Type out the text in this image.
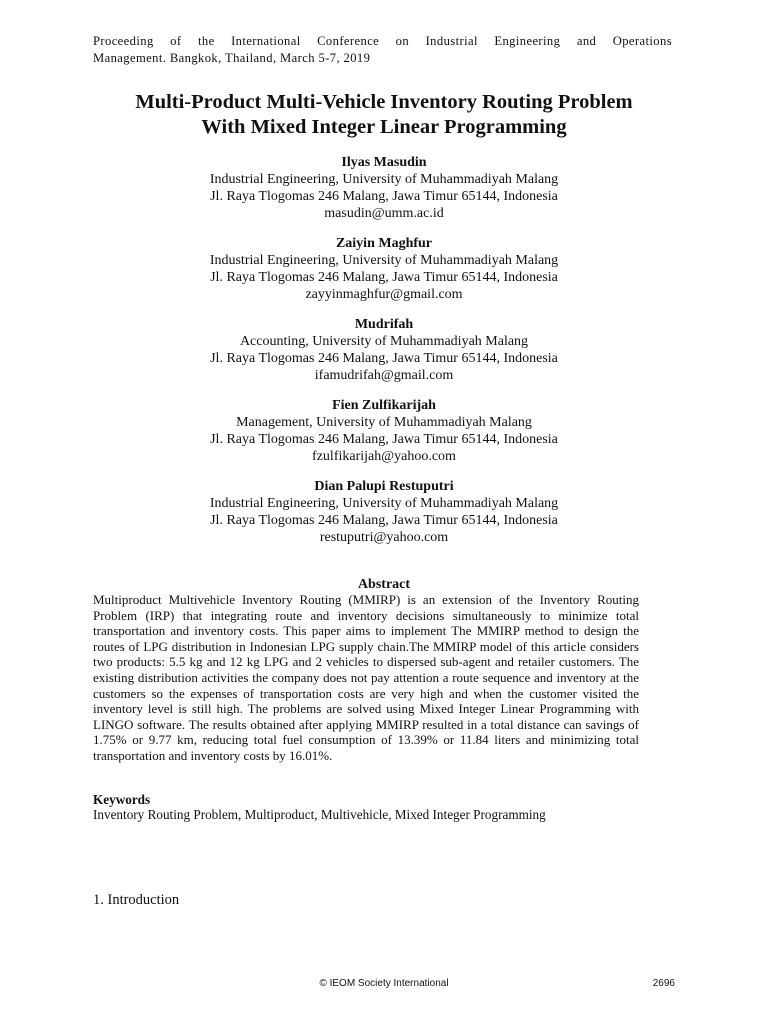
Proceeding of the International Conference on Industrial Engineering and Operations
Management. Bangkok, Thailand, March 5-7, 2019
Multi-Product Multi-Vehicle Inventory Routing Problem
With Mixed Integer Linear Programming
Ilyas Masudin
Industrial Engineering, University of Muhammadiyah Malang
Jl. Raya Tlogomas 246 Malang, Jawa Timur 65144, Indonesia
masudin@umm.ac.id
Zaiyin Maghfur
Industrial Engineering, University of Muhammadiyah Malang
Jl. Raya Tlogomas 246 Malang, Jawa Timur 65144, Indonesia
zayyinmaghfur@gmail.com
Mudrifah
Accounting, University of Muhammadiyah Malang
Jl. Raya Tlogomas 246 Malang, Jawa Timur 65144, Indonesia
ifamudrifah@gmail.com
Fien Zulfikarijah
Management, University of Muhammadiyah Malang
Jl. Raya Tlogomas 246 Malang, Jawa Timur 65144, Indonesia
fzulfikarijah@yahoo.com
Dian Palupi Restuputri
Industrial Engineering, University of Muhammadiyah Malang
Jl. Raya Tlogomas 246 Malang, Jawa Timur 65144, Indonesia
restuputri@yahoo.com
Abstract
Multiproduct Multivehicle Inventory Routing (MMIRP) is an extension of the Inventory Routing Problem (IRP) that integrating route and inventory decisions simultaneously to minimize total transportation and inventory costs. This paper aims to implement The MMIRP method to design the routes of LPG distribution in Indonesian LPG supply chain.The MMIRP model of this article considers two products: 5.5 kg and 12 kg LPG and 2 vehicles to dispersed sub-agent and retailer customers. The existing distribution activities the company does not pay attention a route sequence and inventory at the customers so the expenses of transportation costs are very high and when the customer visited the inventory level is still high. The problems are solved using Mixed Integer Linear Programming with LINGO software. The results obtained after applying MMIRP resulted in a total distance can savings of 1.75% or 9.77 km, reducing total fuel consumption of 13.39% or 11.84 liters and minimizing total transportation and inventory costs by 16.01%.
Keywords
Inventory Routing Problem, Multiproduct, Multivehicle, Mixed Integer Programming
1. Introduction
© IEOM Society International	2696
